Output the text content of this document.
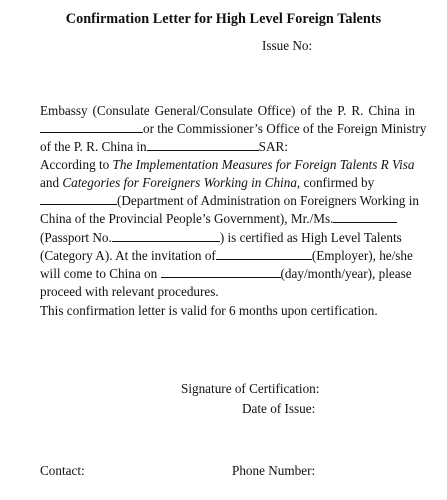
Confirmation Letter for High Level Foreign Talents
Issue No:
Embassy (Consulate General/Consulate Office) of the P. R. China in
or the Commissioner’s Office of the Foreign Ministry
of the P. R. China in	SAR:
According to The Implementation Measures for Foreign Talents R Visa
and Categories for Foreigners Working in China, confirmed by
(Department of Administration on Foreigners Working in
China of the Provincial People’s Government), Mr./Ms.
(Passport No.	) is certified as High Level Talents
(Category A). At the invitation of	(Employer), he/she
will come to China on	(day/month/year), please
proceed with relevant procedures.
This confirmation letter is valid for 6 months upon certification.
Signature of Certification:
Date of Issue:
Contact:	Phone Number:
